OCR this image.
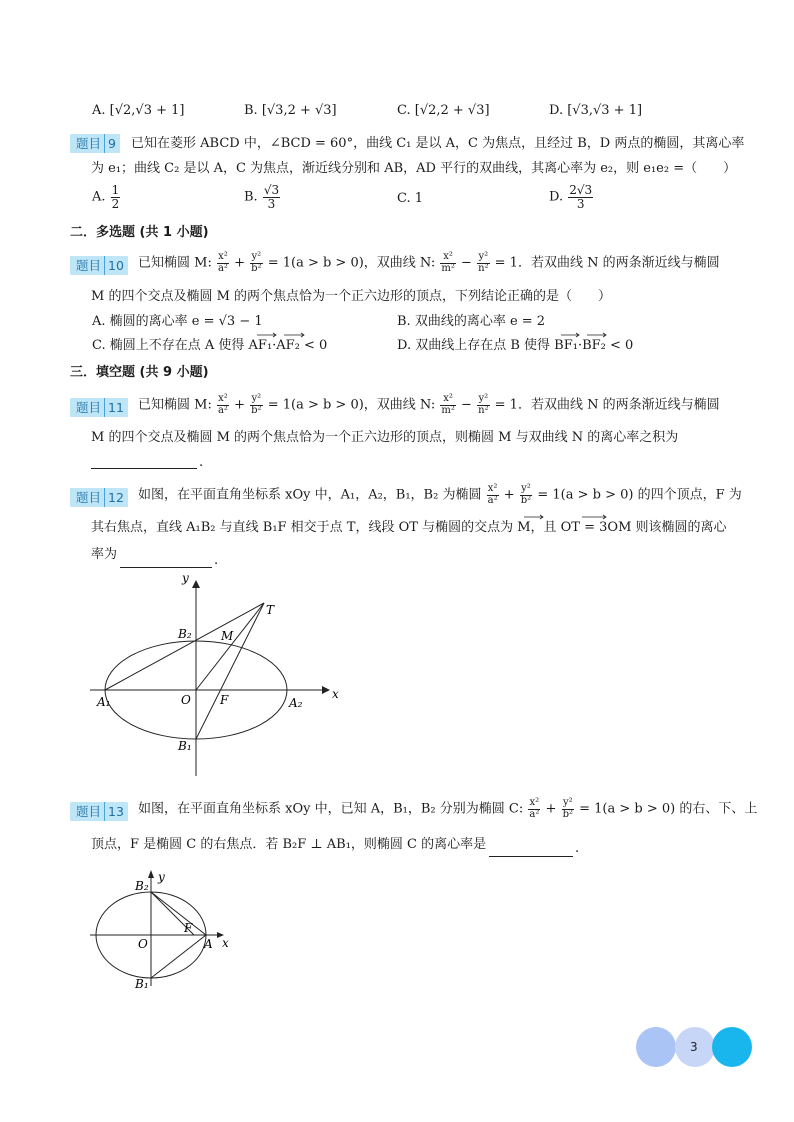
A. [√2,√3 + 1]	B. [√3,2 + √3]	C. [√2,2 + √3]	D. [√3,√3 + 1]
题目 9	已知在菱形 ABCD 中，∠BCD = 60°，曲线 C₁ 是以 A，C 为焦点，且经过 B，D 两点的椭圆，其离心率
为 e₁；曲线 C₂ 是以 A，C 为焦点，渐近线分别和 AB，AD 平行的双曲线，其离心率为 e₂，则 e₁e₂ =（　　）
A. $\frac{1}{2}$	B. $\frac{√3}{3}$	C. 1	D. $\frac{2√3}{3}$
二．多选题 (共 1 小题)
题目 10	已知椭圆 M: $\frac{\text{x²}}{\text{a²}} + \frac{\text{y²}}{\text{b²}} = 1(a > b > 0)$，双曲线 N: $\frac{\text{x²}}{\text{m²}} - \frac{\text{y²}}{\text{n²}} = 1$．若双曲线 N 的两条渐近线与椭圆
M 的四个交点及椭圆 M 的两个焦点恰为一个正六边形的顶点，下列结论正确的是（　　）
A. 椭圆的离心率 e = √3 − 1	B. 双曲线的离心率 e = 2
C. 椭圆上不存在点 A 使得 AF₁·AF₂ < 0	D. 双曲线上存在点 B 使得 BF₁·BF₂ < 0
三．填空题 (共 9 小题)
题目 11	已知椭圆 M: $\frac{\text{x²}}{\text{a²}} + \frac{\text{y²}}{\text{b²}} = 1(a > b > 0)$，双曲线 N: $\frac{\text{x²}}{\text{m²}} - \frac{\text{y²}}{\text{n²}} = 1$．若双曲线 N 的两条渐近线与椭圆
M 的四个交点及椭圆 M 的两个焦点恰为一个正六边形的顶点，则椭圆 M 与双曲线 N 的离心率之积为
.
题目 12	如图，在平面直角坐标系 xOy 中，A₁，A₂，B₁，B₂ 为椭圆 $\frac{\text{x²}}{\text{a²}} + \frac{\text{y²}}{\text{b²}} = 1(a > b > 0)$ 的四个顶点，F 为
其右焦点，直线 A₁B₂ 与直线 B₁F 相交于点 T，线段 OT 与椭圆的交点为 M，且 OT = 3OM 则该椭圆的离心
率为	.
y
x
T
M
B₂
B₁
A₁	A₂
O F
题目 13	如图，在平面直角坐标系 xOy 中，已知 A，B₁，B₂ 分别为椭圆 C: $\frac{\text{x²}}{\text{a²}} + \frac{\text{y²}}{\text{b²}} = 1(a > b > 0)$ 的右、下、上
顶点，F 是椭圆 C 的右焦点．若 B₂F ⊥ AB₁，则椭圆 C 的离心率是	.
y
x
B₂
B₁
O
F
A
3
